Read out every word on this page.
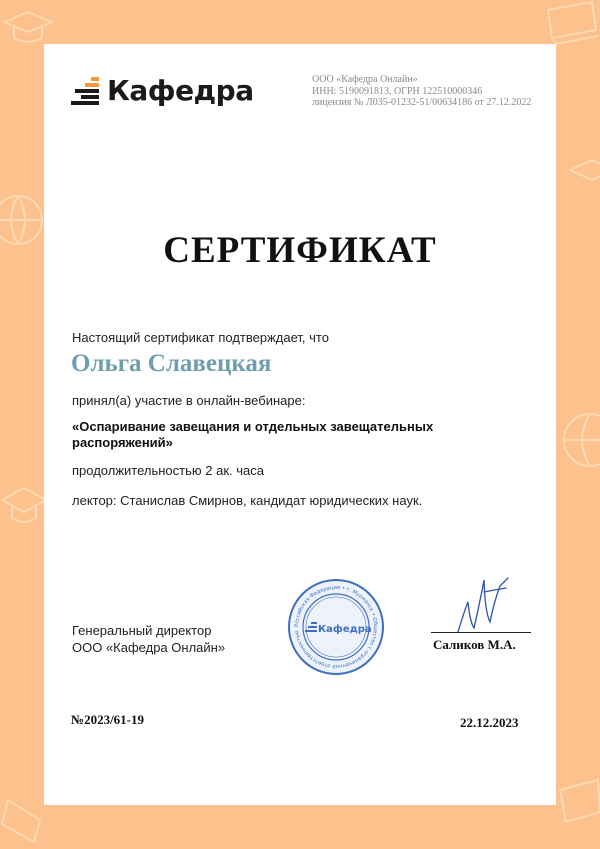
Кафедра	ООО «Кафедра Онлайн»
ИНН: 5190091813, ОГРН 122510000346
лицензия № Л035-01232-51/00634186 от 27.12.2022
СЕРТИФИКАТ
Настоящий сертификат подтверждает, что
Ольга Славецкая
принял(а) участие в онлайн-вебинаре:
«Оспаривание завещания и отдельных завещательных распоряжений»
продолжительностью 2 ак. часа
лектор: Станислав Смирнов, кандидат юридических наук.
Генеральный директор
ООО «Кафедра Онлайн»
Российская Федерация • г. Мурманск • Общество с ограниченной ответственностью	Кафедра
Саликов М.А.
№2023/61-19	22.12.2023
